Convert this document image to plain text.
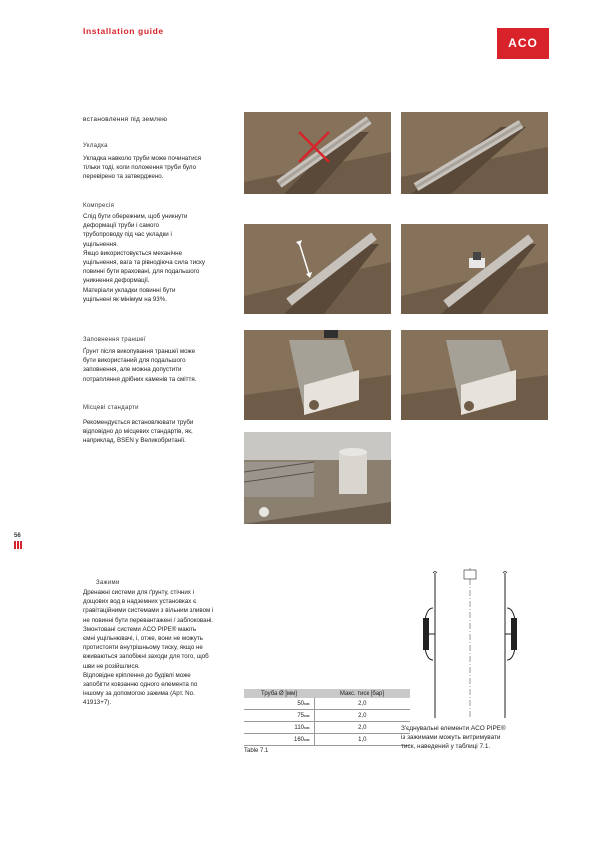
Installation guide
ACO
56
встановлення під землею
Укладка
Укладка навколо труби може починатися
тільки тоді, коли положення труби було
перевірено та затверджено.
Компресія
Слід бути обережним, щоб уникнути
деформації труби і самого
трубопроводу під час укладки і
ущільнення.
Якщо використовується механічне
ущільнення, вага та рівнодіюча сила тиску
повинні бути враховані, для подальшого
уникнення деформації.
Матеріали укладки повинні бути
ущільнені як мінімум на 93%.
Заповнення траншеї
Ґрунт після викопування траншеї може
бути використаний для подальшого
заповнення, але можна допустити
потрапляння дрібних каменів та сміття.
Місцеві стандарти
Рекомендується встановлювати труби
відповідно до місцевих стандартів, як,
наприклад, BSEN у Великобританії.
Зажими
Дренажні системи для ґрунту, стічних і
дощових вод в надземних установках є
гравітаційними системами з вільним зливом і
не повинні бути перевантажені / заблоковані.
Змонтовані системи ACO PIPE® мають
ємні ущільнювачі, і, отже, вони не можуть
протистояти внутрішньому тиску, якщо не
вживаються запобіжні заходи для того, щоб
шви не розійшлися.
Відповідне кріплення до будівлі може
запобігти ковзанню одного елемента по
іншому за допомогою зажима (Арт. No.
41913+7).
Труба Ø [мм]	Макс. тиск [бар]
50мм	2,0
75мм	2,0
110мм	2,0
160мм	1,0
Table 7.1
З'єднувальні елементи ACO PIPE®
із зажимами можуть витримувати
тиск, наведений у таблиці 7.1.
